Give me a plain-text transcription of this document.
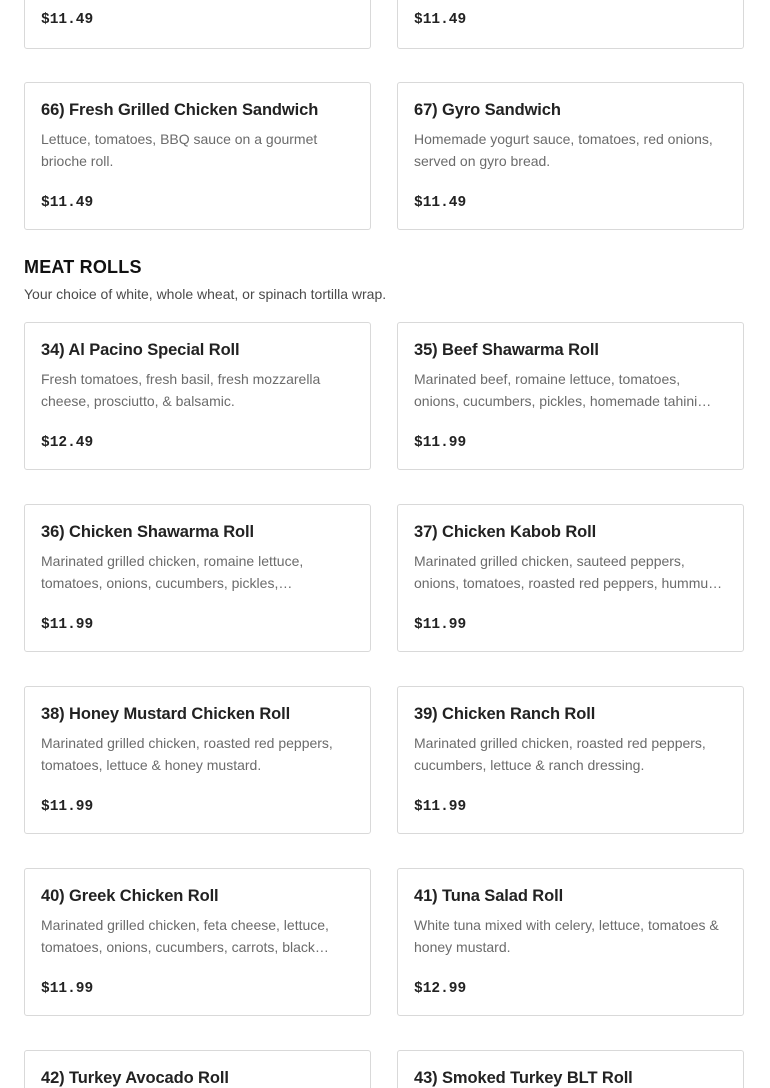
$11.49	$11.49
66) Fresh Grilled Chicken Sandwich
Lettuce, tomatoes, BBQ sauce on a gourmet brioche roll.
$11.49
67) Gyro Sandwich
Homemade yogurt sauce, tomatoes, red onions, served on gyro bread.
$11.49
MEAT ROLLS

Your choice of white, whole wheat, or spinach tortilla wrap.

34) Al Pacino Special Roll
Fresh tomatoes, fresh basil, fresh mozzarella cheese, prosciutto, & balsamic.
$12.49
35) Beef Shawarma Roll
Marinated beef, romaine lettuce, tomatoes, onions, cucumbers, pickles, homemade tahini…
$11.99
36) Chicken Shawarma Roll
Marinated grilled chicken, romaine lettuce, tomatoes, onions, cucumbers, pickles,…
$11.99
37) Chicken Kabob Roll
Marinated grilled chicken, sauteed peppers, onions, tomatoes, roasted red peppers, hummu…
$11.99
38) Honey Mustard Chicken Roll
Marinated grilled chicken, roasted red peppers, tomatoes, lettuce & honey mustard.
$11.99
39) Chicken Ranch Roll
Marinated grilled chicken, roasted red peppers, cucumbers, lettuce & ranch dressing.
$11.99
40) Greek Chicken Roll
Marinated grilled chicken, feta cheese, lettuce, tomatoes, onions, cucumbers, carrots, black…
$11.99
41) Tuna Salad Roll
White tuna mixed with celery, lettuce, tomatoes & honey mustard.
$12.99
42) Turkey Avocado Roll	43) Smoked Turkey BLT Roll
